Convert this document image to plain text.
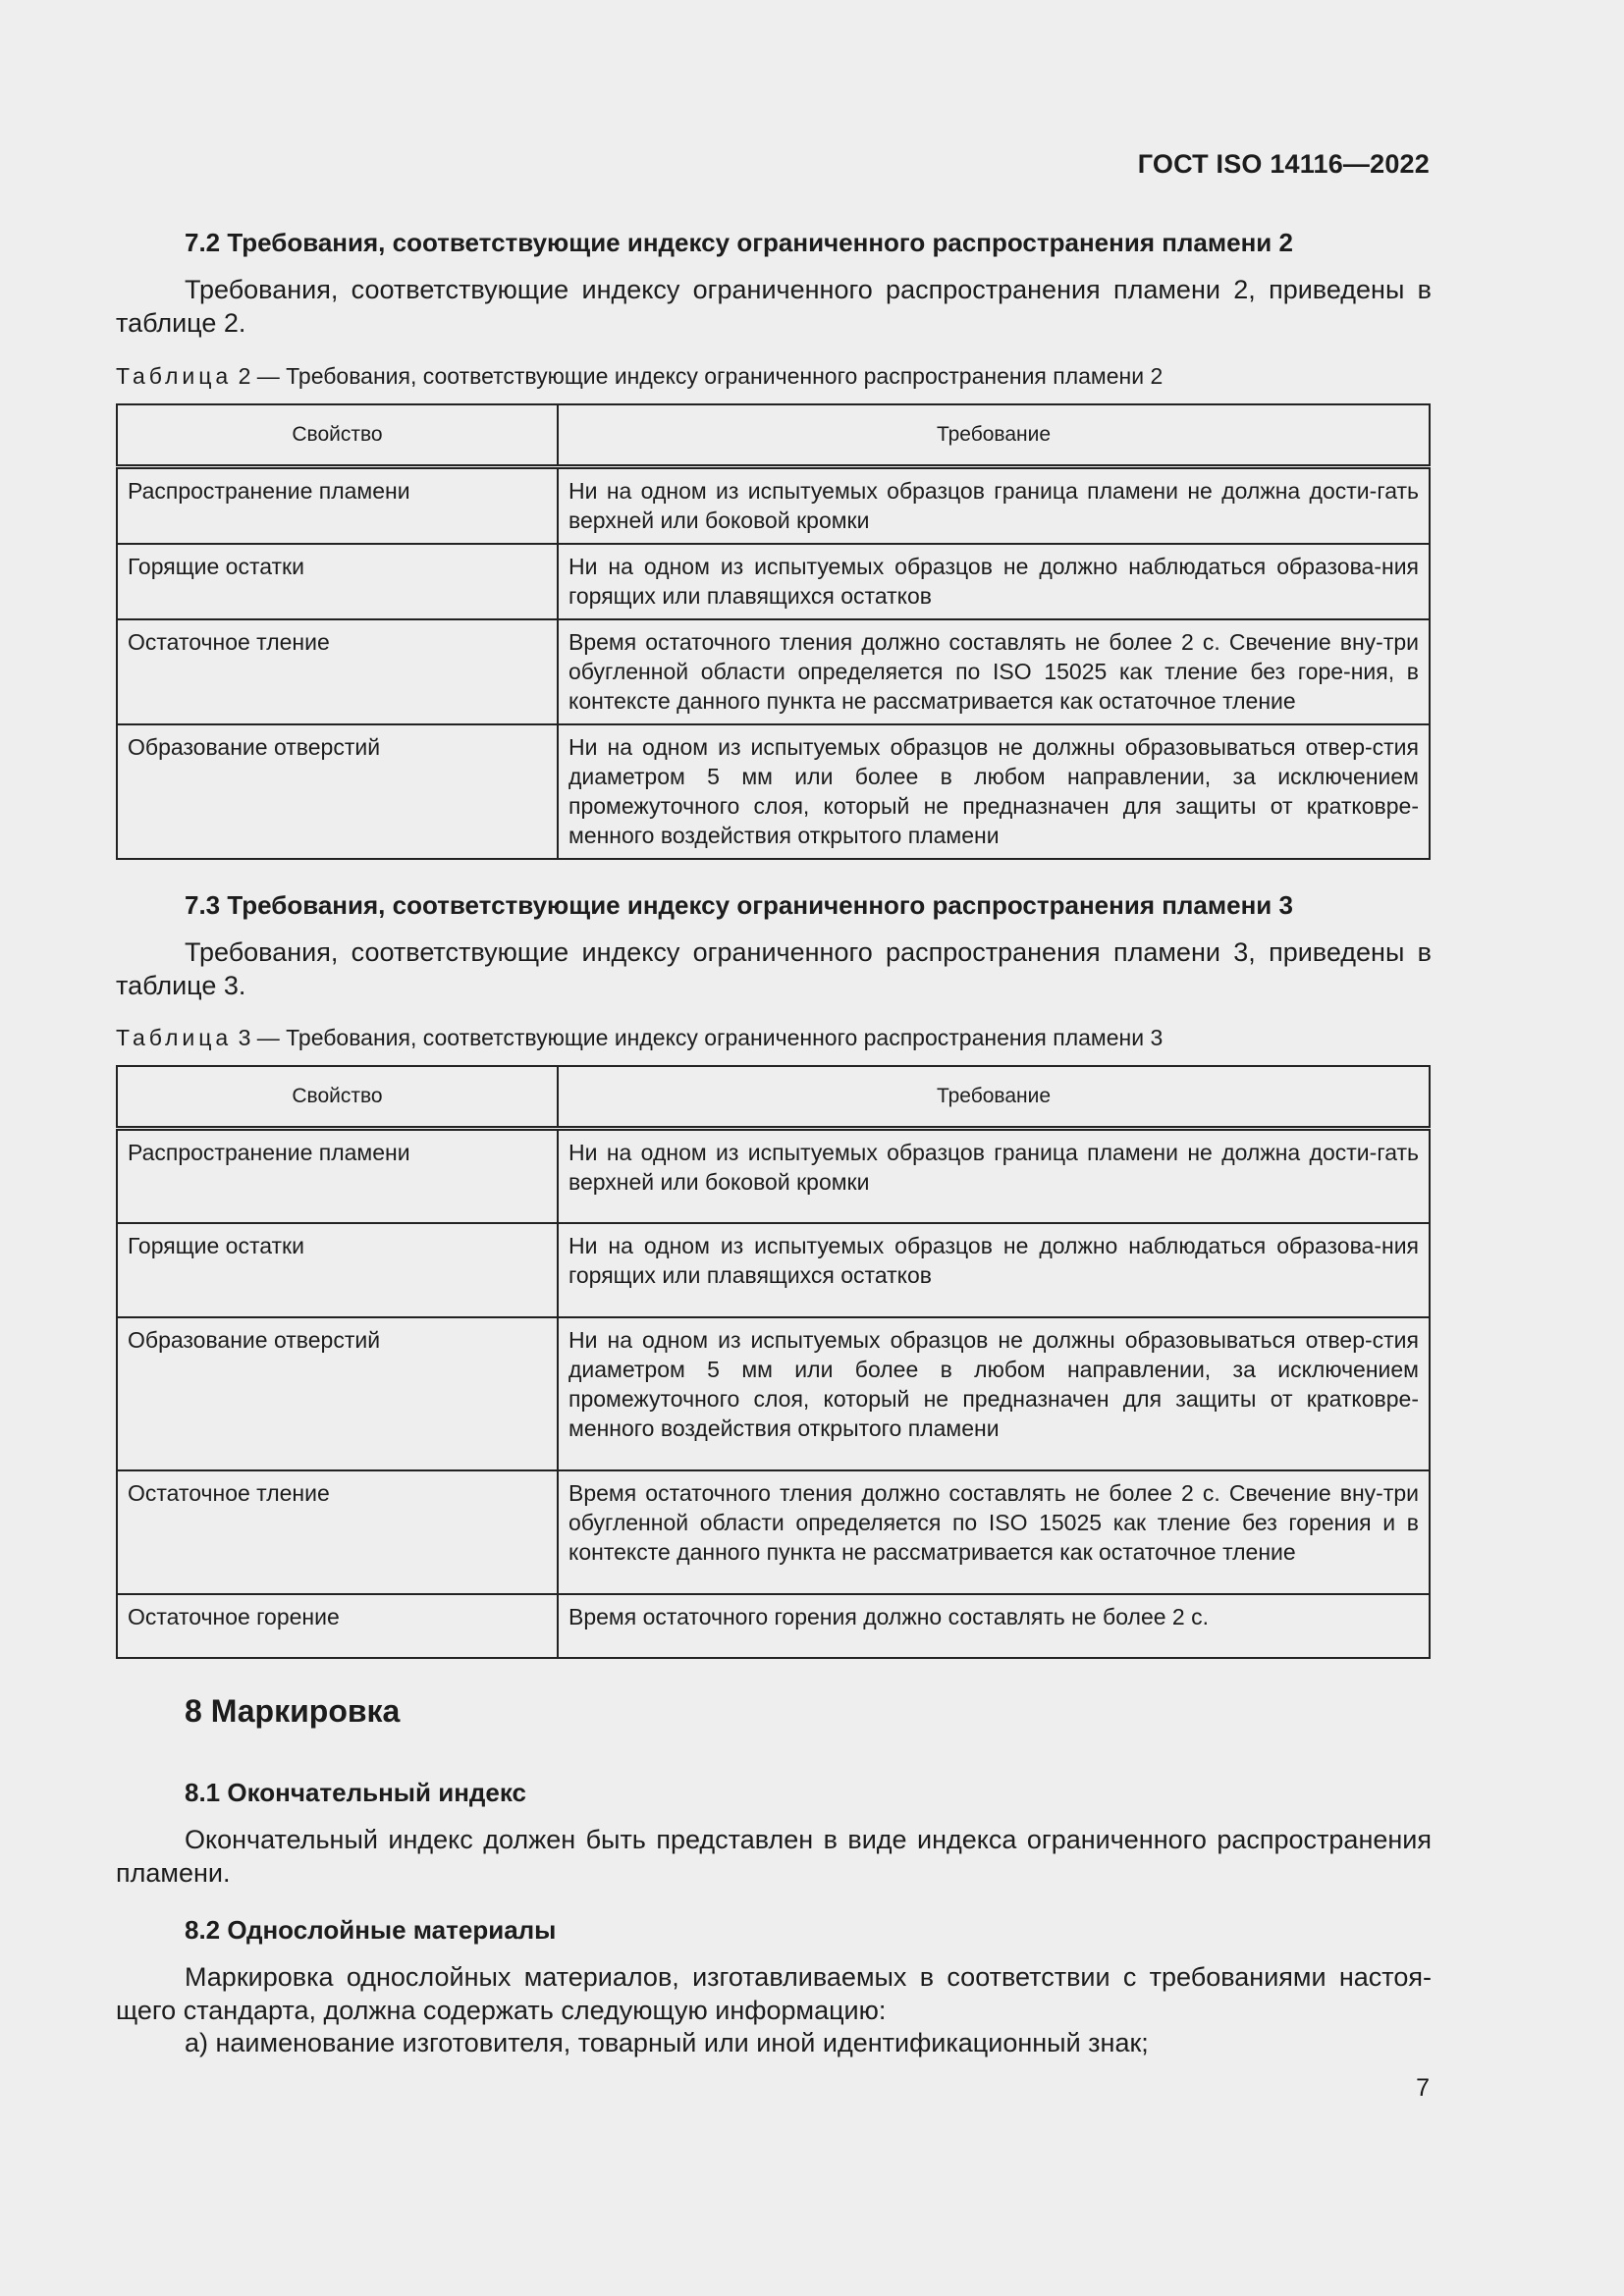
ГОСТ ISO 14116—2022
7.2 Требования, соответствующие индексу ограниченного распространения пламени 2

Требования, соответствующие индексу ограниченного распространения пламени 2, приведены в таблице 2.

Таблица 2 — Требования, соответствующие индексу ограниченного распространения пламени 2
Свойство	Требование
Распространение пламени	Ни на одном из испытуемых образцов граница пламени не должна дости-гать верхней или боковой кромки
Горящие остатки	Ни на одном из испытуемых образцов не должно наблюдаться образова-ния горящих или плавящихся остатков
Остаточное тление	Время остаточного тления должно составлять не более 2 с. Свечение вну-три обугленной области определяется по ISO 15025 как тление без горе-ния, в контексте данного пункта не рассматривается как остаточное тление
Образование отверстий	Ни на одном из испытуемых образцов не должны образовываться отвер-стия диаметром 5 мм или более в любом направлении, за исключением промежуточного слоя, который не предназначен для защиты от кратковре-менного воздействия открытого пламени
7.3 Требования, соответствующие индексу ограниченного распространения пламени 3

Требования, соответствующие индексу ограниченного распространения пламени 3, приведены в таблице 3.

Таблица 3 — Требования, соответствующие индексу ограниченного распространения пламени 3
Свойство	Требование
Распространение пламени	Ни на одном из испытуемых образцов граница пламени не должна дости-гать верхней или боковой кромки
Горящие остатки	Ни на одном из испытуемых образцов не должно наблюдаться образова-ния горящих или плавящихся остатков
Образование отверстий	Ни на одном из испытуемых образцов не должны образовываться отвер-стия диаметром 5 мм или более в любом направлении, за исключением промежуточного слоя, который не предназначен для защиты от кратковре-менного воздействия открытого пламени
Остаточное тление	Время остаточного тления должно составлять не более 2 с. Свечение вну-три обугленной области определяется по ISO 15025 как тление без горения и в контексте данного пункта не рассматривается как остаточное тление
Остаточное горение	Время остаточного горения должно составлять не более 2 с.
8 Маркировка
8.1 Окончательный индекс

Окончательный индекс должен быть представлен в виде индекса ограниченного распространения пламени.

8.2 Однослойные материалы

Маркировка однослойных материалов, изготавливаемых в соответствии с требованиями настоя-щего стандарта, должна содержать следующую информацию:

а) наименование изготовителя, товарный или иной идентификационный знак;
7
